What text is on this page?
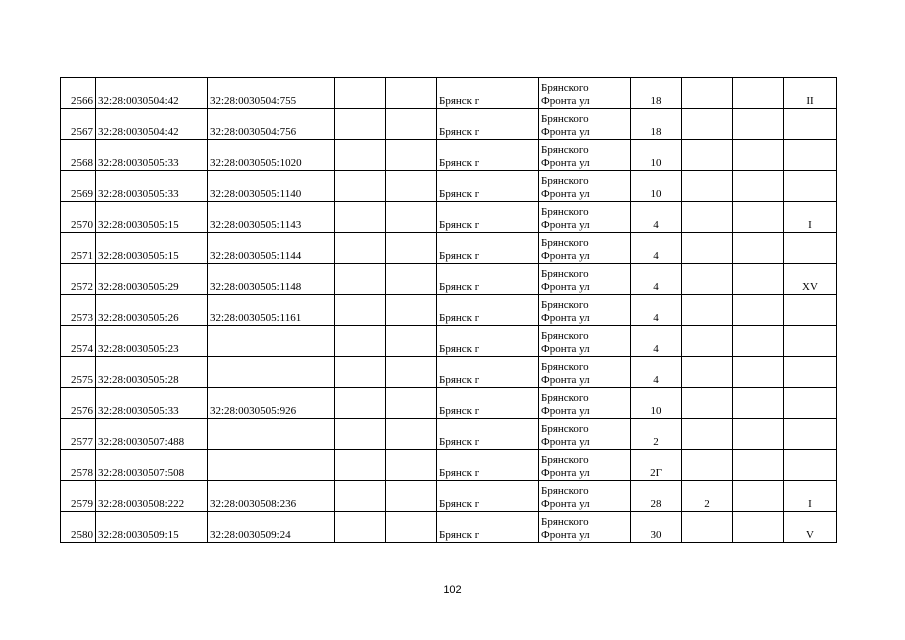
2566	32:28:0030504:42	32:28:0030504:755			Брянск г	Брянского
Фронта ул	18			II
2567	32:28:0030504:42	32:28:0030504:756			Брянск г	Брянского
Фронта ул	18			
2568	32:28:0030505:33	32:28:0030505:1020			Брянск г	Брянского
Фронта ул	10			
2569	32:28:0030505:33	32:28:0030505:1140			Брянск г	Брянского
Фронта ул	10			
2570	32:28:0030505:15	32:28:0030505:1143			Брянск г	Брянского
Фронта ул	4			I
2571	32:28:0030505:15	32:28:0030505:1144			Брянск г	Брянского
Фронта ул	4			
2572	32:28:0030505:29	32:28:0030505:1148			Брянск г	Брянского
Фронта ул	4			XV
2573	32:28:0030505:26	32:28:0030505:1161			Брянск г	Брянского
Фронта ул	4			
2574	32:28:0030505:23				Брянск г	Брянского
Фронта ул	4			
2575	32:28:0030505:28				Брянск г	Брянского
Фронта ул	4			
2576	32:28:0030505:33	32:28:0030505:926			Брянск г	Брянского
Фронта ул	10			
2577	32:28:0030507:488				Брянск г	Брянского
Фронта ул	2			
2578	32:28:0030507:508				Брянск г	Брянского
Фронта ул	2Г			
2579	32:28:0030508:222	32:28:0030508:236			Брянск г	Брянского
Фронта ул	28	2		I
2580	32:28:0030509:15	32:28:0030509:24			Брянск г	Брянского
Фронта ул	30			V
102
